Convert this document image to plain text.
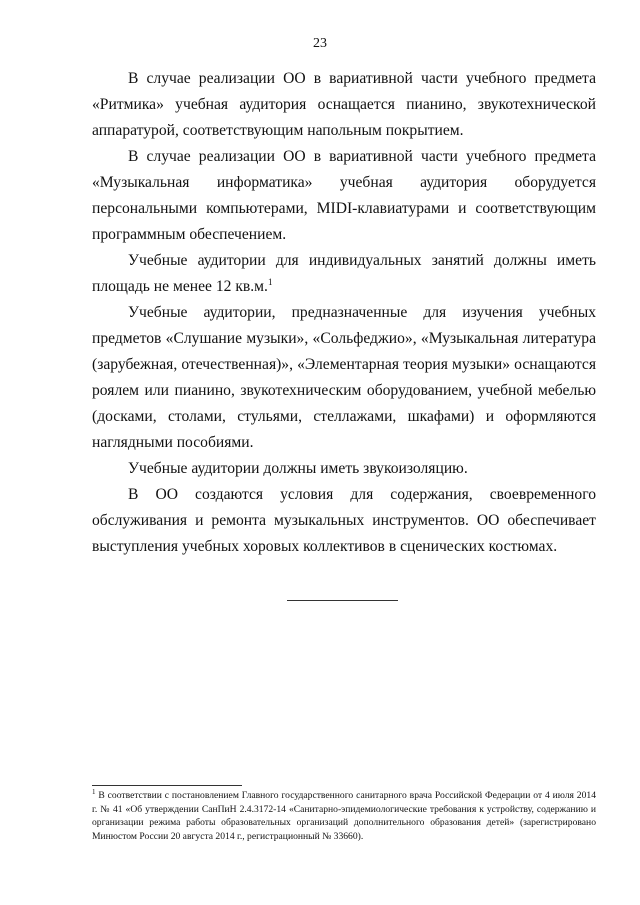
23

В случае реализации ОО в вариативной части учебного предмета «Ритмика» учебная аудитория оснащается пианино, звукотехнической аппаратурой, соответствующим напольным покрытием.

В случае реализации ОО в вариативной части учебного предмета «Музыкальная информатика» учебная аудитория оборудуется персональными компьютерами, MIDI-клавиатурами и соответствующим программным обеспечением.

Учебные аудитории для индивидуальных занятий должны иметь площадь не менее 12 кв.м.$^1$

Учебные аудитории, предназначенные для изучения учебных предметов «Слушание музыки», «Сольфеджио», «Музыкальная литература (зарубежная, отечественная)», «Элементарная теория музыки» оснащаются роялем или пианино, звукотехническим оборудованием, учебной мебелью (досками, столами, стульями, стеллажами, шкафами) и оформляются наглядными пособиями.

Учебные аудитории должны иметь звукоизоляцию.

В ОО создаются условия для содержания, своевременного обслуживания и ремонта музыкальных инструментов. ОО обеспечивает выступления учебных хоровых коллективов в сценических костюмах.

$^1$ В соответствии с постановлением Главного государственного санитарного врача Российской Федерации от 4 июля 2014 г. № 41 «Об утверждении СанПиН 2.4.3172-14 «Санитарно-эпидемиологические требования к устройству, содержанию и организации режима работы образовательных организаций дополнительного образования детей» (зарегистрировано Минюстом России 20 августа 2014 г., регистрационный № 33660).
